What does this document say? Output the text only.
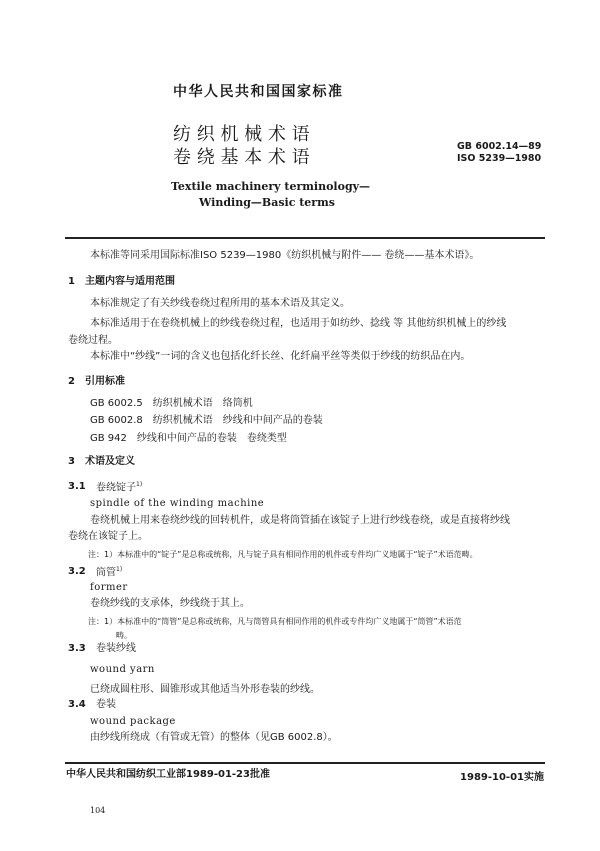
中华人民共和国国家标准
纺 织 机 械 术 语
卷 绕 基 本 术 语
GB 6002.14—89
ISO 5239—1980
Textile machinery terminology—
Winding—Basic terms
本标准等同采用国际标准ISO 5239—1980《纺织机械与附件—— 卷绕——基本术语》。
1　主题内容与适用范围
本标准规定了有关纱线卷绕过程所用的基本术语及其定义。
本标准适用于在卷绕机械上的纱线卷绕过程，也适用于如纺纱、捻线 等 其他纺织机械上的纱线
卷绕过程。
本标准中“纱线”一词的含义也包括化纤长丝、化纤扁平丝等类似于纱线的纺织品在内。
2　引用标准
GB 6002.5　纺织机械术语　络筒机
GB 6002.8　纺织机械术语　纱线和中间产品的卷装
GB 942　纱线和中间产品的卷装　卷绕类型
3　术语及定义
3.1 卷绕锭子$^{1)}$
spindle of the winding machine
卷绕机械上用来卷绕纱线的回转机件，或是将筒管插在该锭子上进行纱线卷绕，或是直接将纱线
卷绕在该锭子上。
注：1）本标准中的“锭子”是总称或统称，凡与锭子具有相同作用的机件或专件均广义地属于“锭子”术语范畴。
3.2 筒管$^{1)}$
former
卷绕纱线的支承体，纱线绕于其上。
注：1）本标准中的“筒管”是总称或统称，凡与筒管具有相同作用的机件或专件均广义地属于“筒管”术语范
畴。
3.3 卷装纱线
wound yarn
已绕成圆柱形、圆锥形或其他适当外形卷装的纱线。
3.4 卷装
wound package
由纱线所绕成（有管或无管）的整体（见GB 6002.8）。
中华人民共和国纺织工业部1989-01-23批准	1989-10-01实施
104
